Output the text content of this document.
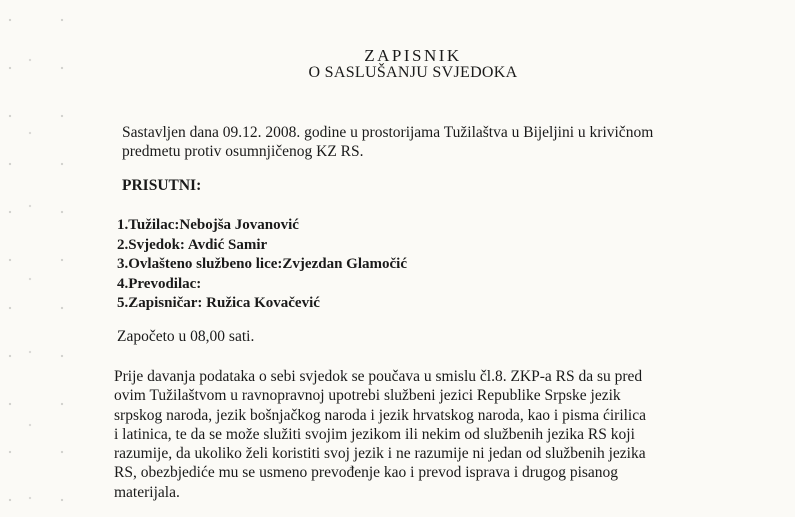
ZAPISNIK
O SASLUŠANJU SVJEDOKA
Sastavljen dana 09.12. 2008. godine u prostorijama Tužilaštva u Bijeljini u krivičnom
predmetu protiv osumnjičenog KZ RS.
PRISUTNI:
1.Tužilac:Nebojša Jovanović
2.Svjedok: Avdić Samir
3.Ovlašteno službeno lice:Zvjezdan Glamočić
4.Prevodilac:
5.Zapisničar: Ružica Kovačević
Započeto u 08,00 sati.
Prije davanja podataka o sebi svjedok se poučava u smislu čl.8. ZKP-a RS da su pred
ovim Tužilaštvom u ravnopravnoj upotrebi službeni jezici Republike Srpske jezik
srpskog naroda, jezik bošnjačkog naroda i jezik hrvatskog naroda, kao i pisma ćirilica
i latinica, te da se može služiti svojim jezikom ili nekim od službenih jezika RS koji
razumije, da ukoliko želi koristiti svoj jezik i ne razumije ni jedan od službenih jezika
RS, obezbjediće mu se usmeno prevođenje kao i prevod isprava i drugog pisanog
materijala.
